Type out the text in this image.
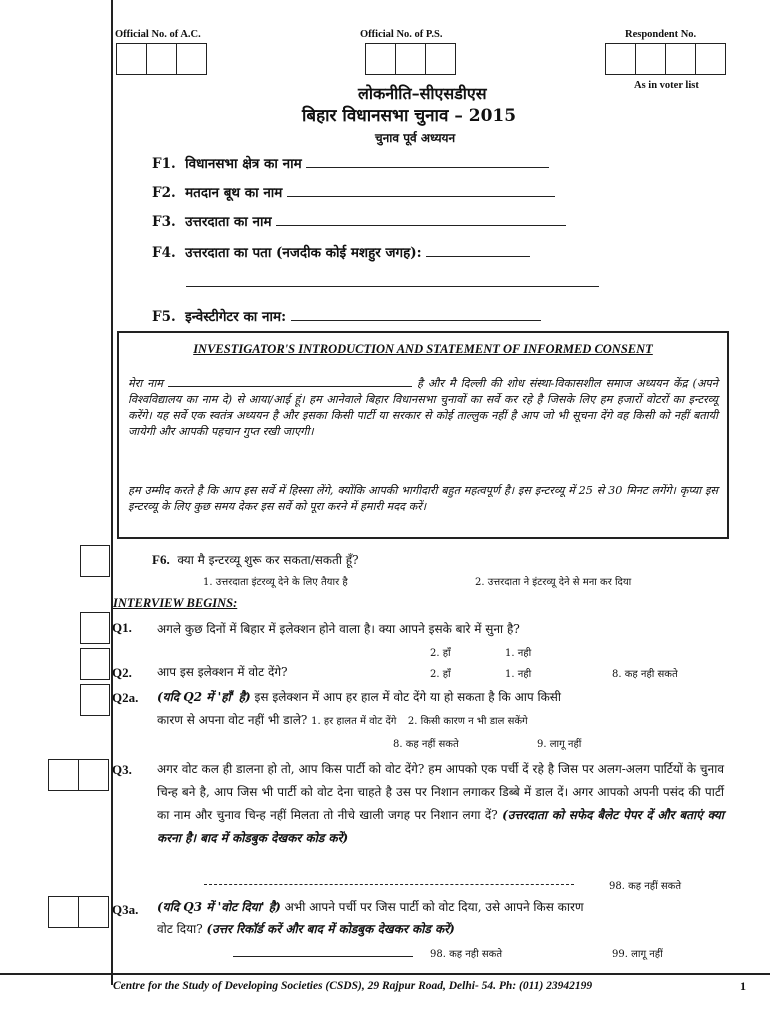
Official No. of A.C.	Official No. of P.S.	Respondent No.
As in voter list
लोकनीति–सीएसडीएस
बिहार विधानसभा चुनाव – 2015
चुनाव पूर्व अध्ययन
F1. विधानसभा क्षेत्र का नाम
F2. मतदान बूथ का नाम
F3. उत्तरदाता का नाम
F4. उत्तरदाता का पता (नजदीक कोई मशहुर जगह):
F5. इन्वेस्टीगेटर का नाम:
INVESTIGATOR'S INTRODUCTION AND STATEMENT OF INFORMED CONSENT
मेरा नाम	है और मै दिल्ली की शोध संस्था-विकासशील समाज अध्ययन केंद्र (अपने विश्वविद्यालय का नाम दे) से आया/आई हूं। हम आनेवाले बिहार विधानसभा चुनावों का सर्वे कर रहे है जिसके लिए हम हजारों वोटरों का इन्टरव्यू करेंगे। यह सर्वे एक स्वतंत्र अध्ययन है और इसका किसी पार्टी या सरकार से कोई ताल्लुक नहीं है आप जो भी सूचना देंगे वह किसी को नहीं बतायी जायेगी और आपकी पहचान गुप्त रखी जाएगी।
हम उम्मीद करते है कि आप इस सर्वे में हिस्सा लेंगे, क्योंकि आपकी भागीदारी बहुत महत्वपूर्ण है। इस इन्टरव्यू में 25 से 30 मिनट लगेंगे। कृप्या इस इन्टरव्यू के लिए कुछ समय देकर इस सर्वे को पूरा करने में हमारी मदद करें।
F6. क्या मै इन्टरव्यू शुरू कर सकता/सकती हूँ?
1. उत्तरदाता इंटरव्यू देने के लिए तैयार है	2. उत्तरदाता ने इंटरव्यू देने से मना कर दिया
INTERVIEW BEGINS:
Q1. अगले कुछ दिनों में बिहार में इलेक्शन होने वाला है। क्या आपने इसके बारे में सुना है?
2. हाँ	1. नही
Q2. आप इस इलेक्शन में वोट देंगे?	2. हाँ	1. नही	8. कह नही सकते
Q2a. (यदि Q2 में 'हाँ' है) इस इलेक्शन में आप हर हाल में वोट देंगे या हो सकता है कि आप किसी
कारण से अपना वोट नहीं भी डाले? 1. हर हालत में वोट देंगे 2. किसी कारण न भी डाल सकेंगे
8. कह नहीं सकते	9. लागू नहीं
Q3. अगर वोट कल ही डालना हो तो, आप किस पार्टी को वोट देंगे? हम आपको एक पर्ची दें रहे है जिस पर अलग-अलग पार्टियों के चुनाव चिन्ह बने है, आप जिस भी पार्टी को वोट देना चाहते है उस पर निशान लगाकर डिब्बे में डाल दें। अगर आपको अपनी पसंद की पार्टी का नाम और चुनाव चिन्ह नहीं मिलता तो नीचे खाली जगह पर निशान लगा दें? (उत्तरदाता को सफेद बैलेट पेपर दें और बताएं क्या करना है। बाद में कोडबुक देखकर कोड करें)
98. कह नहीं सकते
Q3a. (यदि Q3 में 'वोट दिया' है) अभी आपने पर्ची पर जिस पार्टी को वोट दिया, उसे आपने किस कारण
वोट दिया? (उत्तर रिकॉर्ड करें और बाद में कोडबुक देखकर कोड करें)
98. कह नही सकते	99. लागू नहीं
Centre for the Study of Developing Societies (CSDS), 29 Rajpur Road, Delhi- 54. Ph: (011) 23942199	1
